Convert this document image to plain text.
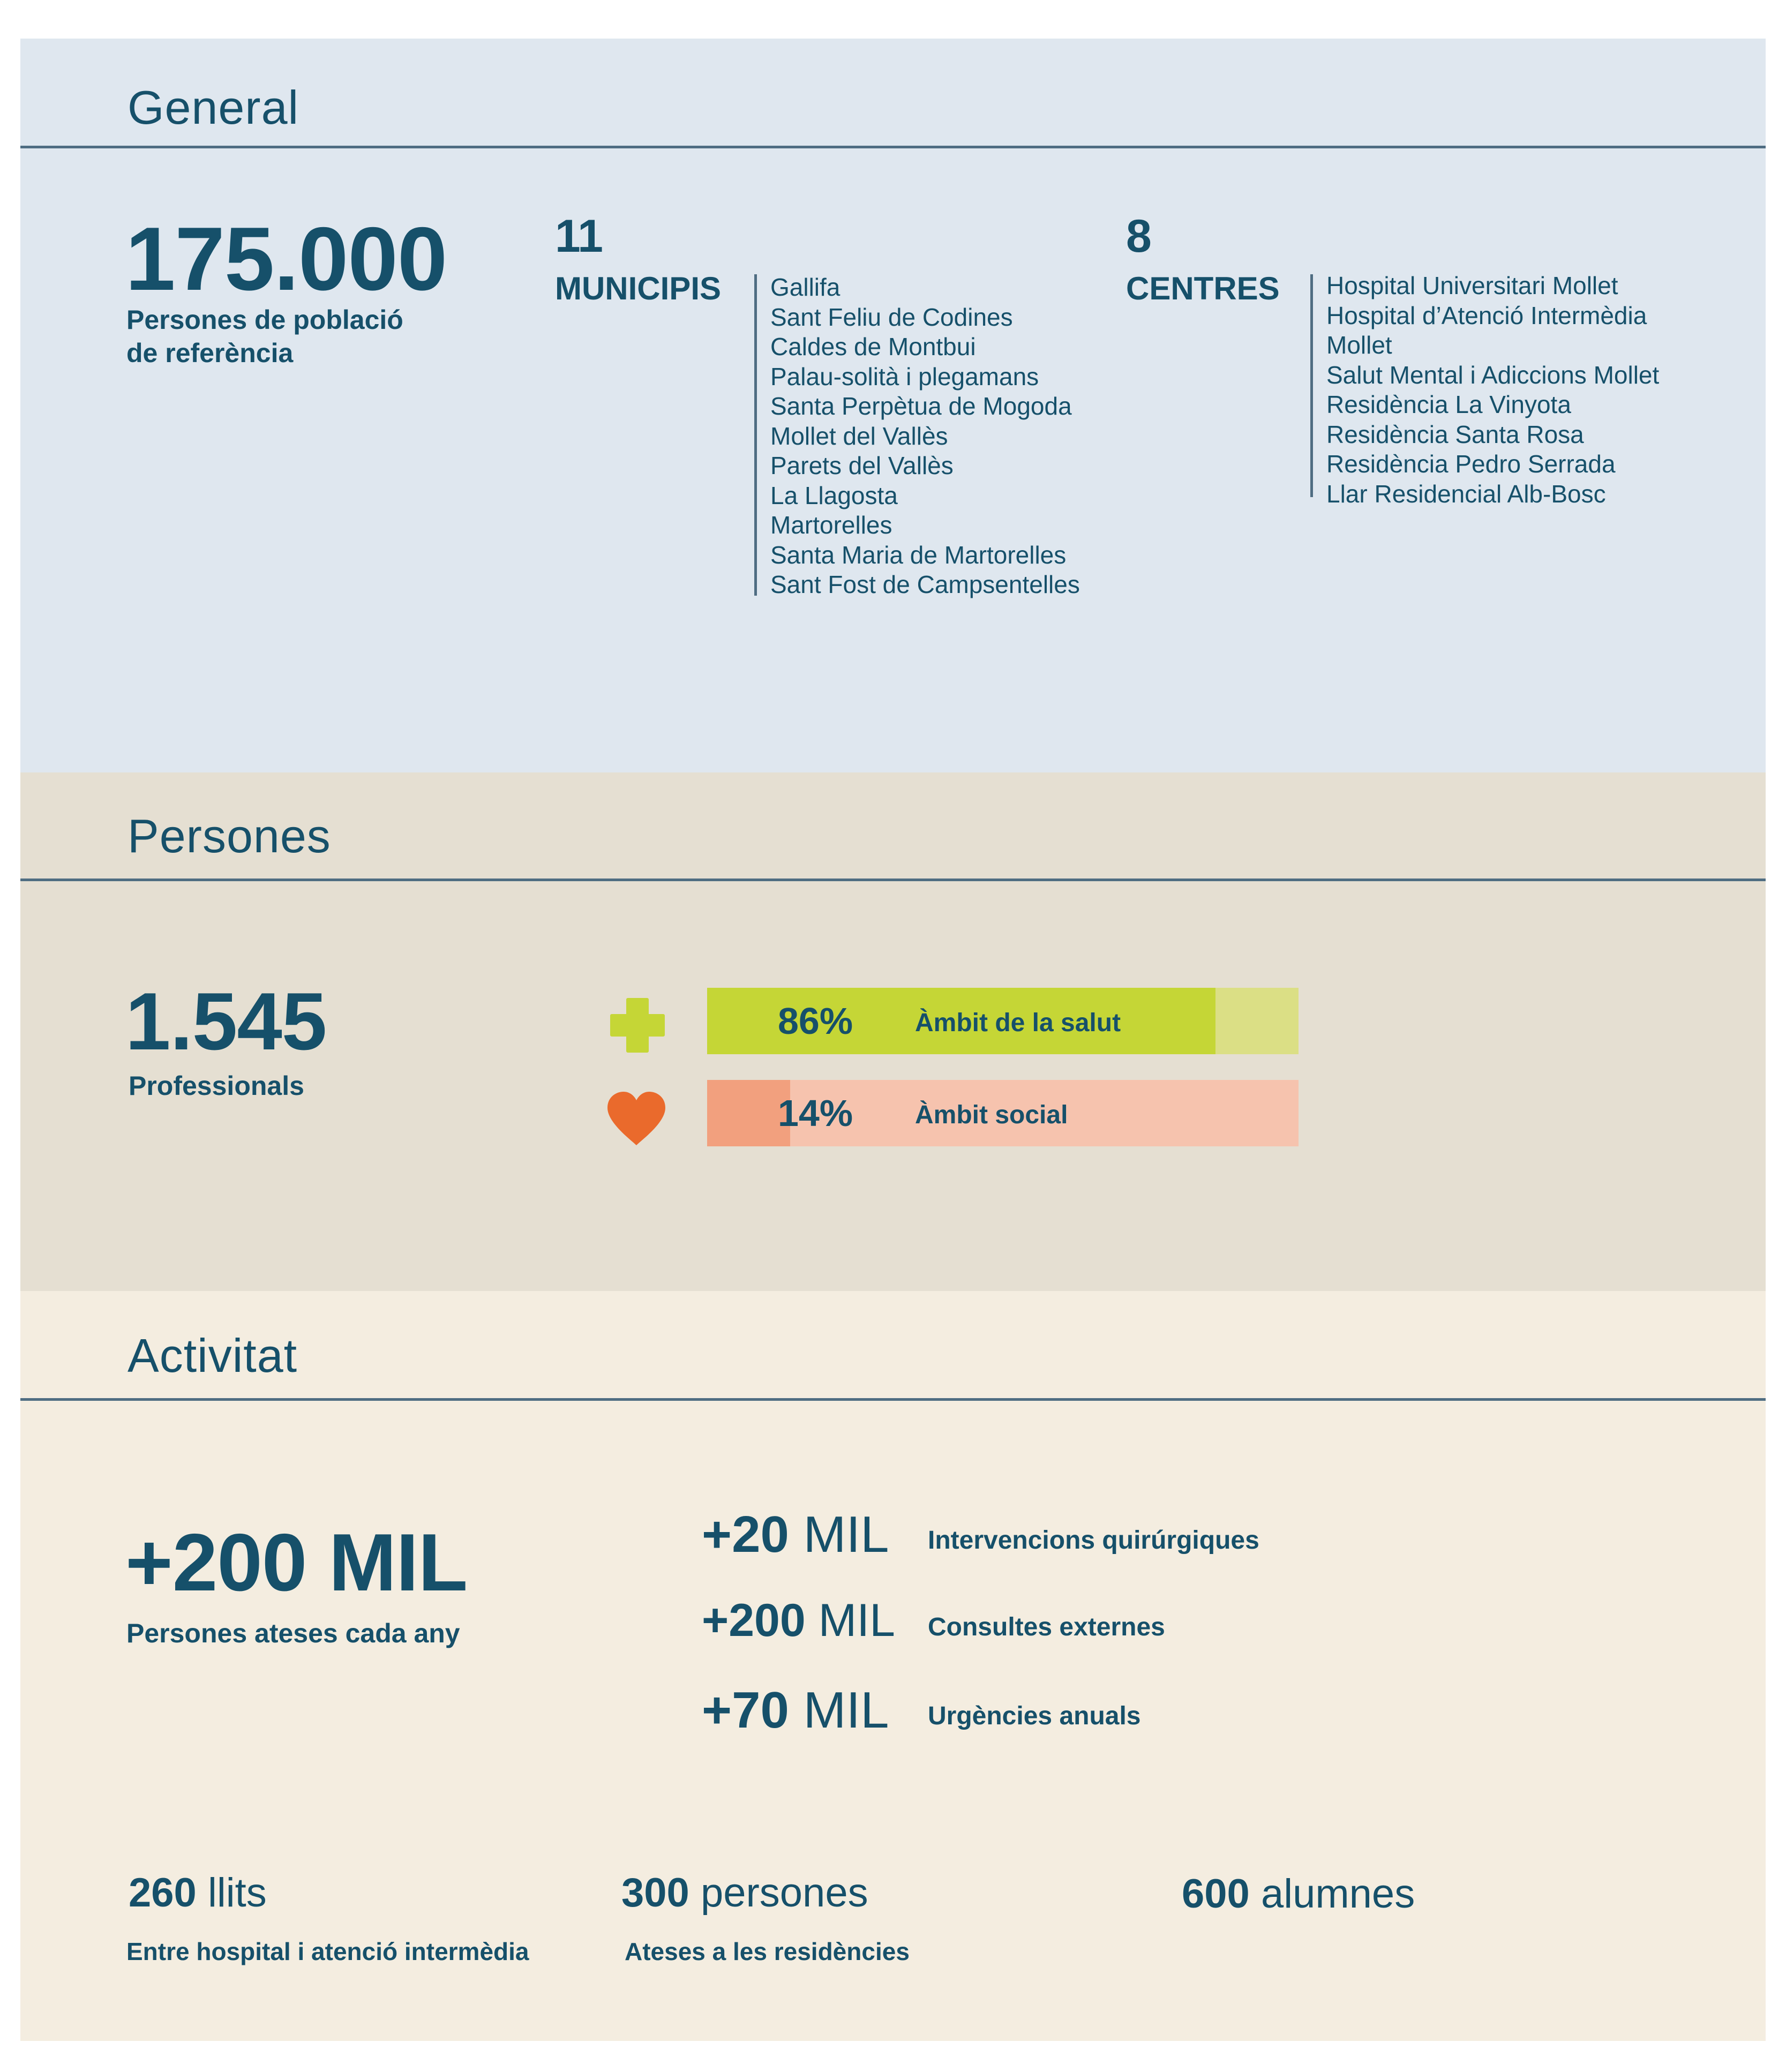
General
175.000
Persones de població
de referència
11
MUNICIPIS Gallifa
Sant Feliu de Codines
Caldes de Montbui
Palau-solità i plegamans
Santa Perpètua de Mogoda
Mollet del Vallès
Parets del Vallès
La Llagosta
Martorelles
Santa Maria de Martorelles
Sant Fost de Campsentelles
8
CENTRES Hospital Universitari Mollet
Hospital d’Atenció Intermèdia
Mollet
Salut Mental i Adiccions Mollet
Residència La Vinyota
Residència Santa Rosa
Residència Pedro Serrada
Llar Residencial Alb-Bosc
Persones
1.545
Professionals
86% Àmbit de la salut
14% Àmbit social
Activitat
+200 MIL
Persones ateses cada any
+20 MIL Intervencions quirúrgiques
+200 MIL Consultes externes
+70 MIL Urgències anuals
260 llits
Entre hospital i atenció intermèdia
300 persones
Ateses a les residències
600 alumnes
